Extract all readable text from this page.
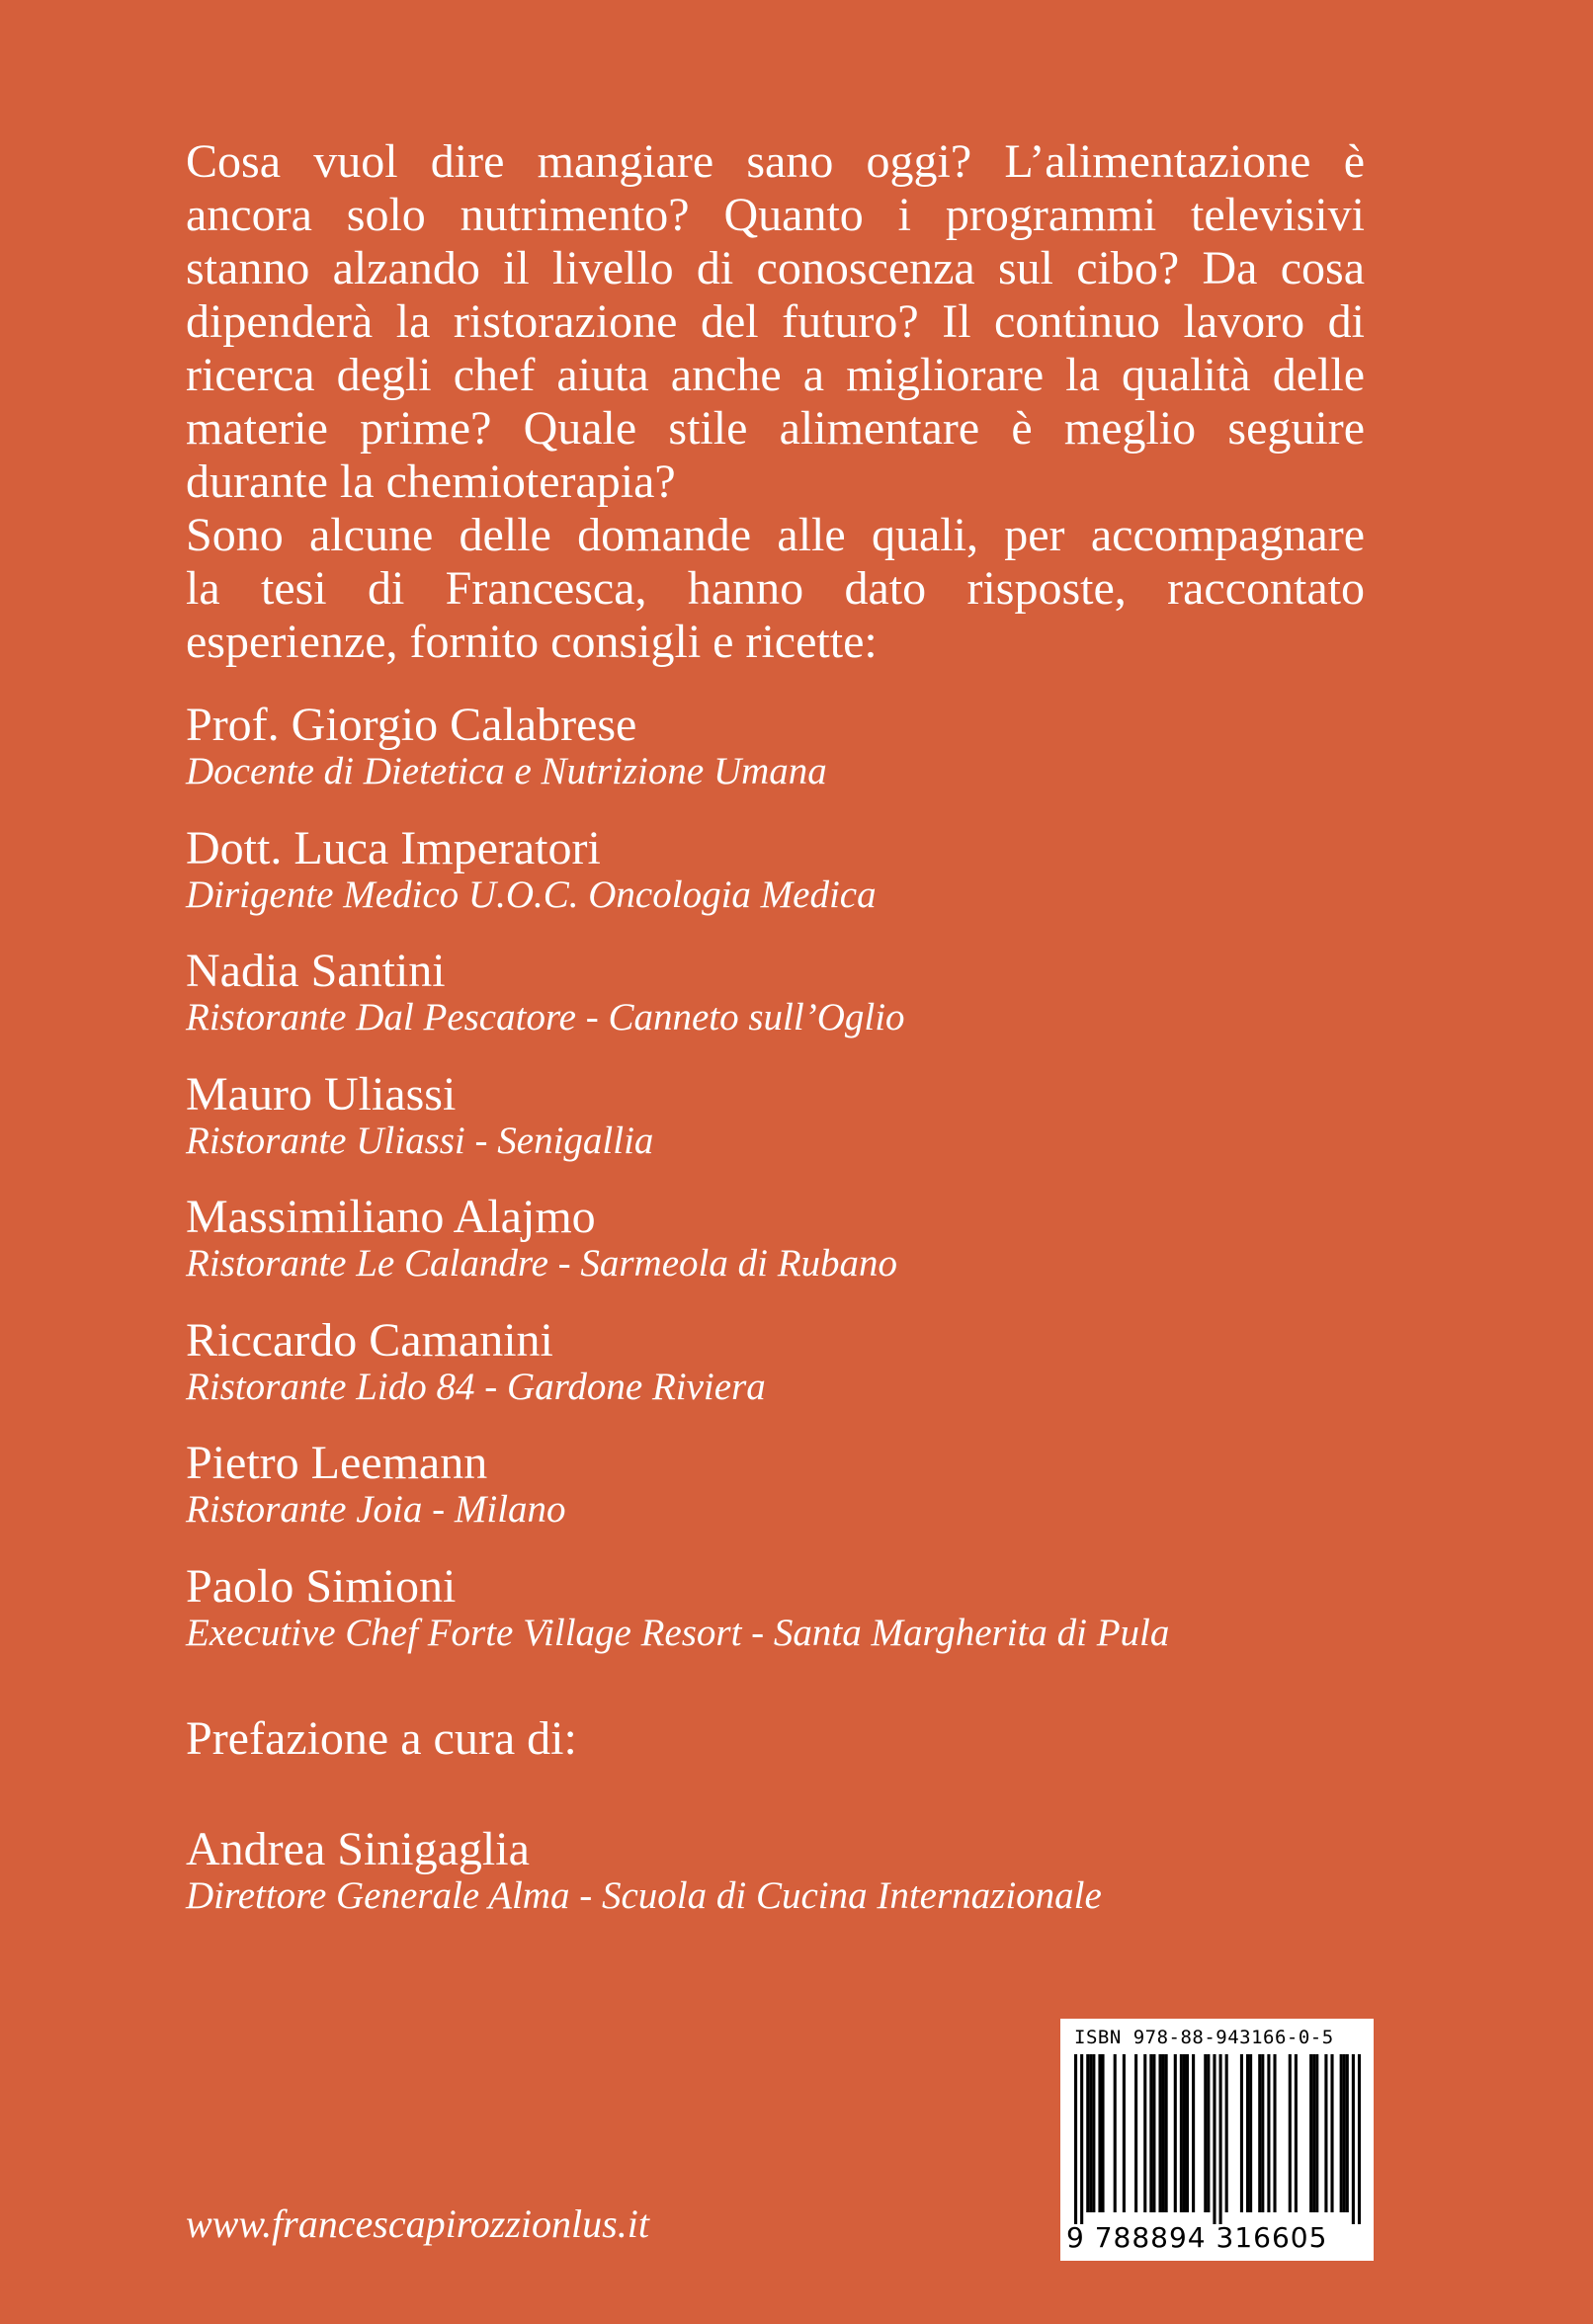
Cosa vuol dire mangiare sano oggi? L’alimentazione è
ancora solo nutrimento? Quanto i programmi televisivi
stanno alzando il livello di conoscenza sul cibo? Da cosa
dipenderà la ristorazione del futuro? Il continuo lavoro di
ricerca degli chef aiuta anche a migliorare la qualità delle
materie prime? Quale stile alimentare è meglio seguire
durante la chemioterapia?
Sono alcune delle domande alle quali, per accompagnare
la tesi di Francesca, hanno dato risposte, raccontato
esperienze, fornito consigli e ricette:
Prof. Giorgio Calabrese
Docente di Dietetica e Nutrizione Umana
Dott. Luca Imperatori
Dirigente Medico U.O.C. Oncologia Medica
Nadia Santini
Ristorante Dal Pescatore - Canneto sull’Oglio
Mauro Uliassi
Ristorante Uliassi - Senigallia
Massimiliano Alajmo
Ristorante Le Calandre - Sarmeola di Rubano
Riccardo Camanini
Ristorante Lido 84 - Gardone Riviera
Pietro Leemann
Ristorante Joia - Milano
Paolo Simioni
Executive Chef Forte Village Resort - Santa Margherita di Pula
Prefazione a cura di:
Andrea Sinigaglia
Direttore Generale Alma - Scuola di Cucina Internazionale
www.francescapirozzionlus.it
ISBN 978-88-943166-0-5
9 788894 316605
